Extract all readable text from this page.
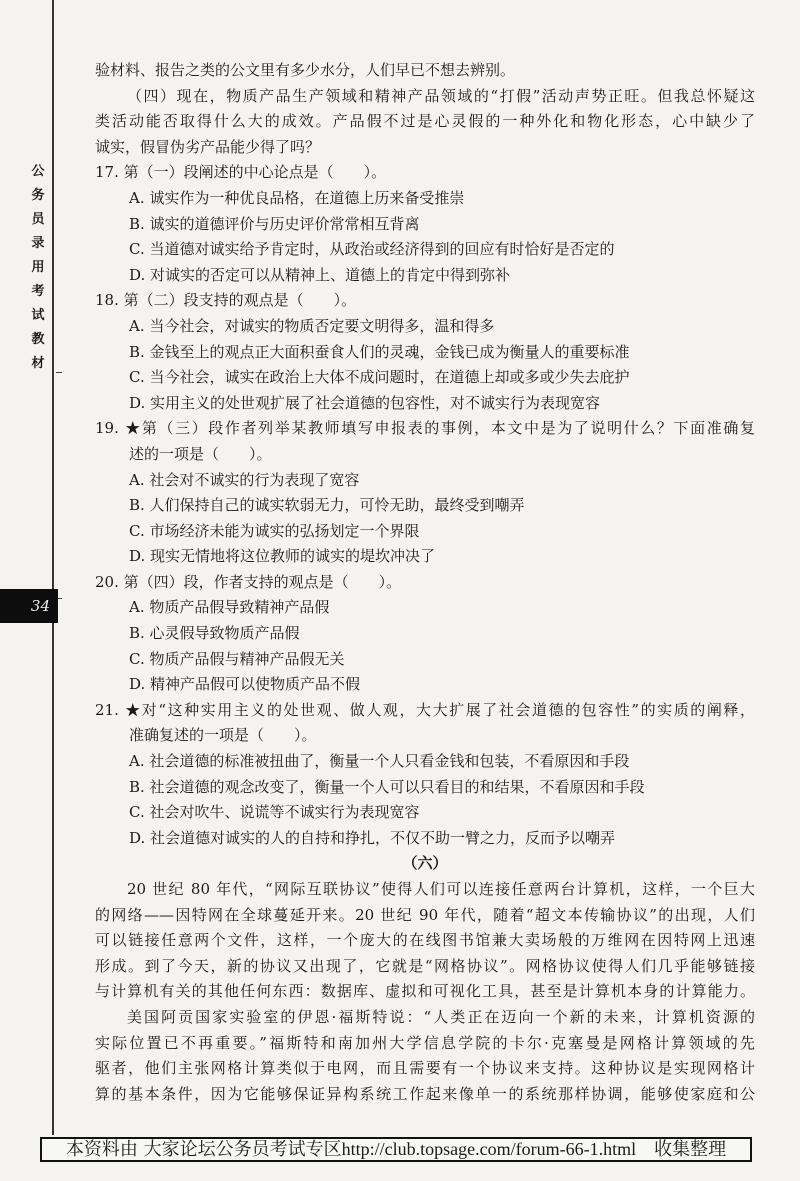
公
务
员
录
用
考
试
教
材
34
验材料、报告之类的公文里有多少水分，人们早已不想去辨别。
（四）现在，物质产品生产领域和精神产品领域的“打假”活动声势正旺。但我总怀疑这
类活动能否取得什么大的成效。产品假不过是心灵假的一种外化和物化形态，心中缺少了
诚实，假冒伪劣产品能少得了吗？
17. 第（一）段阐述的中心论点是（　　）。
A. 诚实作为一种优良品格，在道德上历来备受推崇
B. 诚实的道德评价与历史评价常常相互背离
C. 当道德对诚实给予肯定时，从政治或经济得到的回应有时恰好是否定的
D. 对诚实的否定可以从精神上、道德上的肯定中得到弥补
18. 第（二）段支持的观点是（　　）。
A. 当今社会，对诚实的物质否定要文明得多，温和得多
B. 金钱至上的观点正大面积蚕食人们的灵魂，金钱已成为衡量人的重要标准
C. 当今社会，诚实在政治上大体不成问题时，在道德上却或多或少失去庇护
D. 实用主义的处世观扩展了社会道德的包容性，对不诚实行为表现宽容
19. ★第（三）段作者列举某教师填写申报表的事例，本文中是为了说明什么？下面准确复
述的一项是（　　）。
A. 社会对不诚实的行为表现了宽容
B. 人们保持自己的诚实软弱无力，可怜无助，最终受到嘲弄
C. 市场经济未能为诚实的弘扬划定一个界限
D. 现实无情地将这位教师的诚实的堤坎冲决了
20. 第（四）段，作者支持的观点是（　　）。
A. 物质产品假导致精神产品假
B. 心灵假导致物质产品假
C. 物质产品假与精神产品假无关
D. 精神产品假可以使物质产品不假
21. ★对“这种实用主义的处世观、做人观，大大扩展了社会道德的包容性”的实质的阐释，
准确复述的一项是（　　）。
A. 社会道德的标准被扭曲了，衡量一个人只看金钱和包装，不看原因和手段
B. 社会道德的观念改变了，衡量一个人可以只看目的和结果，不看原因和手段
C. 社会对吹牛、说谎等不诚实行为表现宽容
D. 社会道德对诚实的人的自持和挣扎，不仅不助一臂之力，反而予以嘲弄
（六）
20 世纪 80 年代，“网际互联协议”使得人们可以连接任意两台计算机，这样，一个巨大
的网络——因特网在全球蔓延开来。20 世纪 90 年代，随着“超文本传输协议”的出现，人们
可以链接任意两个文件，这样，一个庞大的在线图书馆兼大卖场般的万维网在因特网上迅速
形成。到了今天，新的协议又出现了，它就是“网格协议”。网格协议使得人们几乎能够链接
与计算机有关的其他任何东西：数据库、虚拟和可视化工具，甚至是计算机本身的计算能力。
美国阿贡国家实验室的伊恩·福斯特说：“人类正在迈向一个新的未来，计算机资源的
实际位置已不再重要。”福斯特和南加州大学信息学院的卡尔·克塞曼是网格计算领域的先
驱者，他们主张网格计算类似于电网，而且需要有一个协议来支持。这种协议是实现网格计
算的基本条件，因为它能够保证异构系统工作起来像单一的系统那样协调，能够使家庭和公
本资料由 大家论坛公务员考试专区http://club.topsage.com/forum-66-1.html　收集整理
